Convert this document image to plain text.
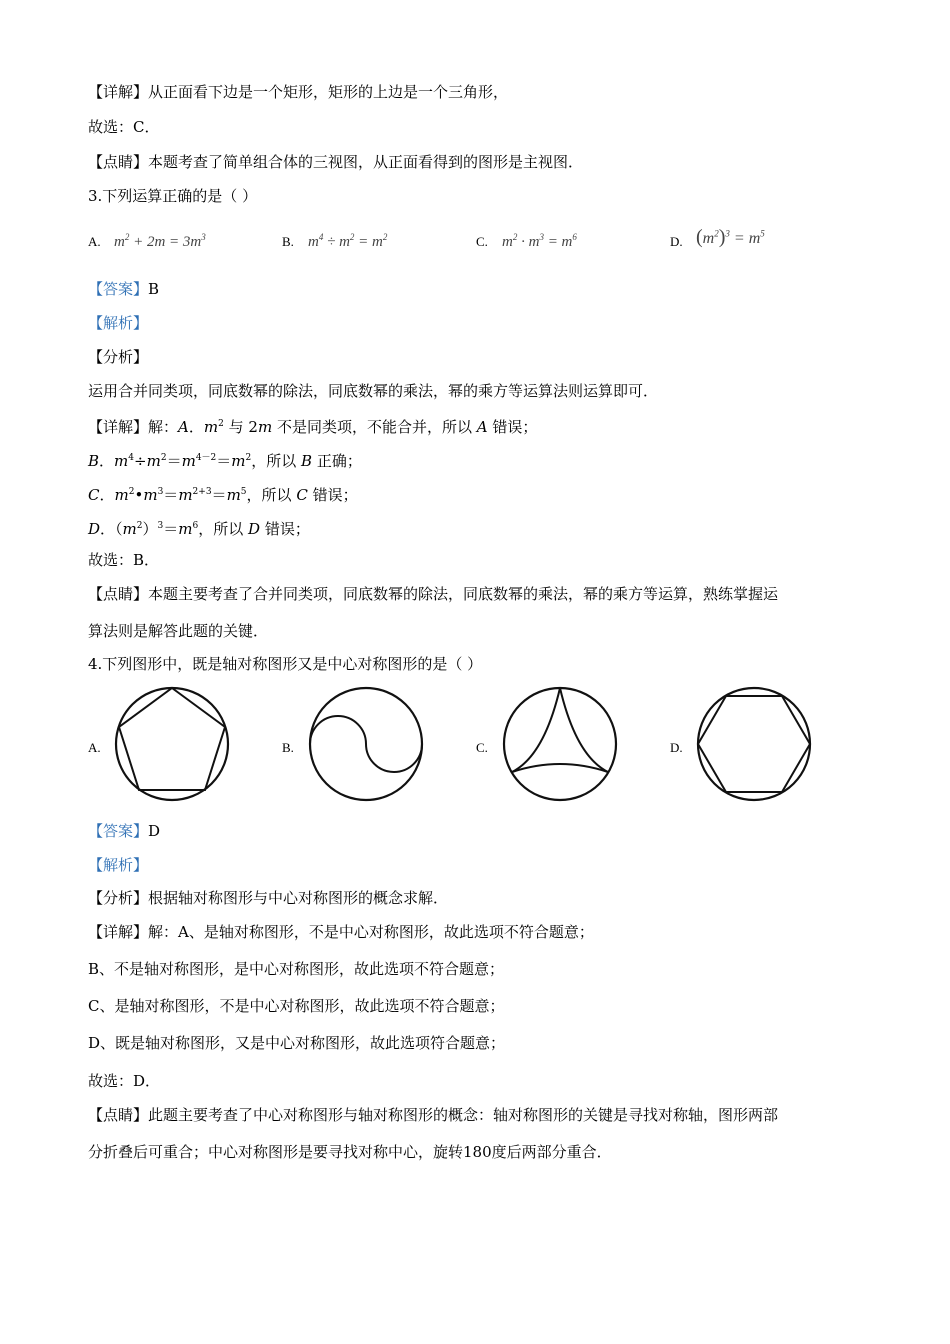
【详解】从正面看下边是一个矩形，矩形的上边是一个三角形，
故选：C．
【点睛】本题考查了简单组合体的三视图，从正面看得到的图形是主视图．
3.下列运算正确的是（ ）
A. $m^2 + 2m = 3m^3$	B. $m^4 \div m^2 = m^2$	C. $m^2 \cdot m^3 = m^6$	D. $(m^2)^3 = m^5$
【答案】B
【解析】
【分析】
运用合并同类项，同底数幂的除法，同底数幂的乘法，幂的乘方等运算法则运算即可．
【详解】解：A．$m^2$ 与 2m 不是同类项，不能合并，所以 A 错误；
B．$m^4\div m^2=m^{4-2}=m^2$，所以 B 正确；
C．$m^2•m^3=m^{2+3}=m^5$，所以 C 错误；
D．$(m^2)^3=m^6$，所以 D 错误；
故选：B．
【点睛】本题主要考查了合并同类项，同底数幂的除法，同底数幂的乘法，幂的乘方等运算，熟练掌握运
算法则是解答此题的关键．
4.下列图形中，既是轴对称图形又是中心对称图形的是（ ）
A.	B.	C.	D.
【答案】D
【解析】
【分析】根据轴对称图形与中心对称图形的概念求解．
【详解】解：A、是轴对称图形，不是中心对称图形，故此选项不符合题意；
B、不是轴对称图形，是中心对称图形，故此选项不符合题意；
C、是轴对称图形，不是中心对称图形，故此选项不符合题意；
D、既是轴对称图形，又是中心对称图形，故此选项符合题意；
故选：D．
【点睛】此题主要考查了中心对称图形与轴对称图形的概念：轴对称图形的关键是寻找对称轴，图形两部
分折叠后可重合；中心对称图形是要寻找对称中心，旋转180度后两部分重合．
